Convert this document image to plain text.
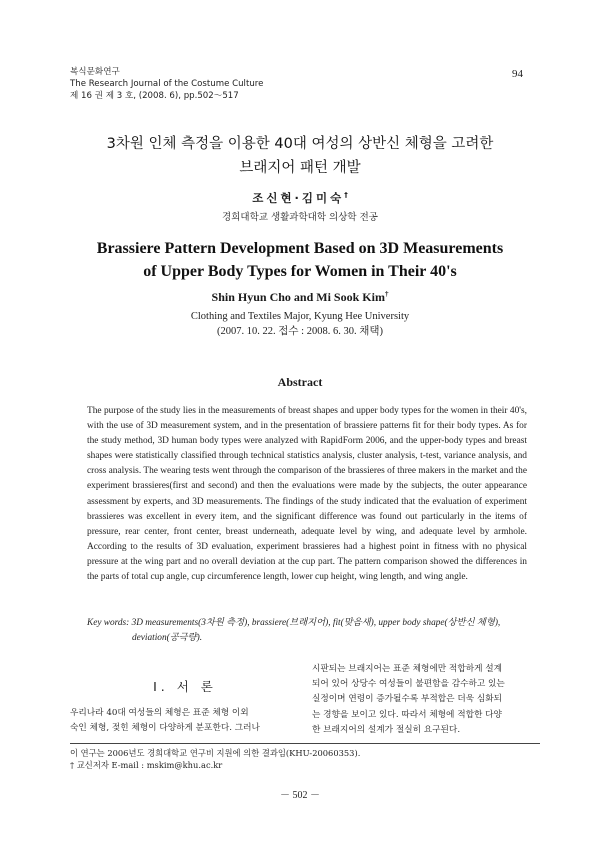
복식문화연구
The Research Journal of the Costume Culture
제 16 권 제 3 호, (2008. 6), pp.502～517
94
3차원 인체 측정을 이용한 40대 여성의 상반신 체형을 고려한
브래지어 패턴 개발
조신현·김미숙†
경희대학교 생활과학대학 의상학 전공
Brassiere Pattern Development Based on 3D Measurements
of Upper Body Types for Women in Their 40's
Shin Hyun Cho and Mi Sook Kim†
Clothing and Textiles Major, Kyung Hee University
(2007. 10. 22. 접수 : 2008. 6. 30. 채택)
Abstract
The purpose of the study lies in the measurements of breast shapes and upper body types for the women in their 40's, with the use of 3D measurement system, and in the presentation of brassiere patterns fit for their body types. As for the study method, 3D human body types were analyzed with RapidForm 2006, and the upper-body types and breast shapes were statistically classified through technical statistics analysis, cluster analysis, t-test, variance analysis, and cross analysis. The wearing tests went through the comparison of the brassieres of three makers in the market and the experiment brassieres(first and second) and then the evaluations were made by the subjects, the outer appearance assessment by experts, and 3D measurements. The findings of the study indicated that the evaluation of experiment brassieres was excellent in every item, and the significant difference was found out particularly in the items of pressure, rear center, front center, breast underneath, adequate level by wing, and adequate level by armhole. According to the results of 3D evaluation, experiment brassieres had a highest point in fitness with no physical pressure at the wing part and no overall deviation at the cup part. The pattern comparison showed the differences in the parts of total cup angle, cup circumference length, lower cup height, wing length, and wing angle.
Key words: 3D measurements(3차원 측정), brassiere(브래지어), fit(맞음새), upper body shape(상반신 체형),
deviation(공극량).
Ⅰ. 서 론
우리나라 40대 여성들의 체형은 표준 체형 이외
숙인 체형, 젖힌 체형이 다양하게 분포한다. 그러나
시판되는 브래지어는 표준 체형에만 적합하게 설계
되어 있어 상당수 여성들이 불편함을 감수하고 있는
실정이며 연령이 증가될수록 부적합은 더욱 심화되
는 경향을 보이고 있다. 따라서 체형에 적합한 다양
한 브래지어의 설계가 절실히 요구된다.
이 연구는 2006년도 경희대학교 연구비 지원에 의한 결과임(KHU-20060353).
† 교신저자 E-mail : mskim@khu.ac.kr
－ 502 －
